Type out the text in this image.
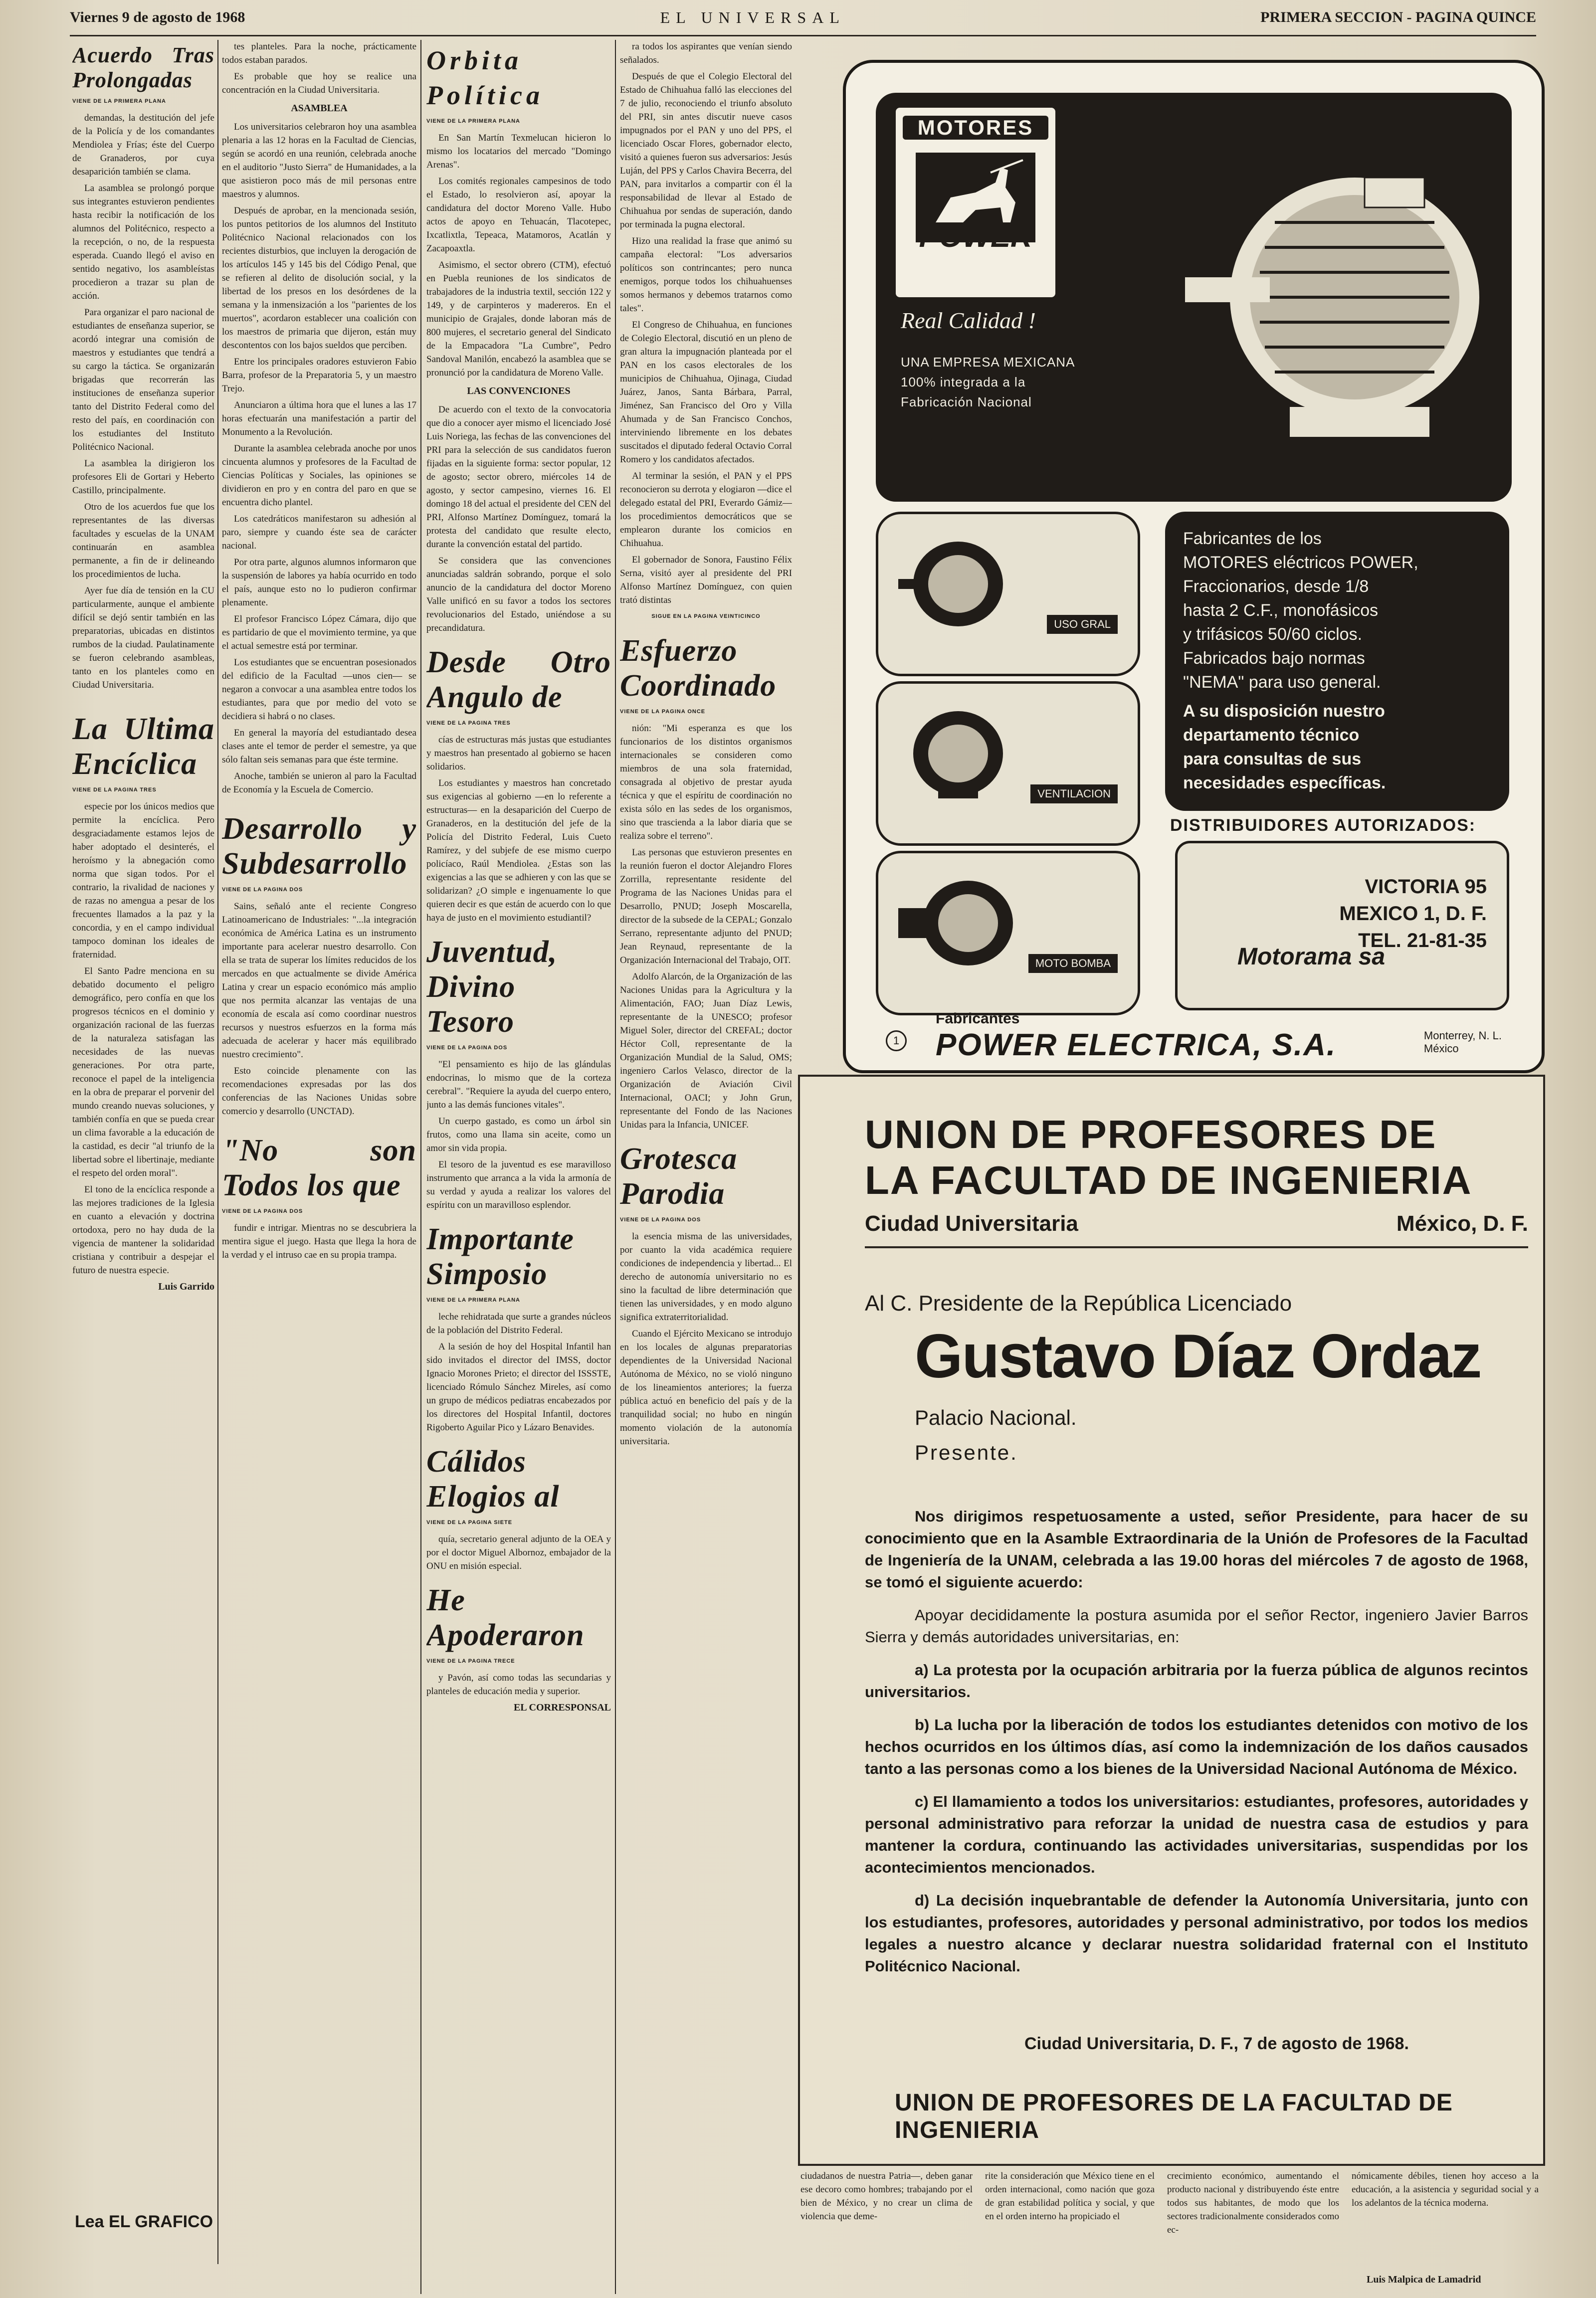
Viernes 9 de agosto de 1968	EL UNIVERSAL	PRIMERA SECCION - PAGINA QUINCE
Acuerdo Tras Prolongadas
VIENE DE LA PRIMERA PLANA

demandas, la destitución del jefe de la Policía y de los comandantes Mendiolea y Frías; éste del Cuerpo de Granaderos, por cuya desaparición también se clama.

La asamblea se prolongó porque sus integrantes estuvieron pendientes hasta recibir la notificación de los alumnos del Politécnico, respecto a la recepción, o no, de la respuesta esperada. Cuando llegó el aviso en sentido negativo, los asambleístas procedieron a trazar su plan de acción.

Para organizar el paro nacional de estudiantes de enseñanza superior, se acordó integrar una comisión de maestros y estudiantes que tendrá a su cargo la táctica. Se organizarán brigadas que recorrerán las instituciones de enseñanza superior tanto del Distrito Federal como del resto del país, en coordinación con los estudiantes del Instituto Politécnico Nacional.

La asamblea la dirigieron los profesores Eli de Gortari y Heberto Castillo, principalmente.

Otro de los acuerdos fue que los representantes de las diversas facultades y escuelas de la UNAM continuarán en asamblea permanente, a fin de ir delineando los procedimientos de lucha.

Ayer fue día de tensión en la CU particularmente, aunque el ambiente difícil se dejó sentir también en las preparatorias, ubicadas en distintos rumbos de la ciudad. Paulatinamente se fueron celebrando asambleas, tanto en los planteles como en Ciudad Universitaria.

La Ultima Encíclica
VIENE DE LA PAGINA TRES

especie por los únicos medios que permite la encíclica. Pero desgraciadamente estamos lejos de haber adoptado el desinterés, el heroísmo y la abnegación como norma que sigan todos. Por el contrario, la rivalidad de naciones y de razas no amengua a pesar de los frecuentes llamados a la paz y la concordia, y en el campo individual tampoco dominan los ideales de fraternidad.

El Santo Padre menciona en su debatido documento el peligro demográfico, pero confía en que los progresos técnicos en el dominio y organización racional de las fuerzas de la naturaleza satisfagan las necesidades de las nuevas generaciones. Por otra parte, reconoce el papel de la inteligencia en la obra de preparar el porvenir del mundo creando nuevas soluciones, y también confía en que se pueda crear un clima favorable a la educación de la castidad, es decir "al triunfo de la libertad sobre el libertinaje, mediante el respeto del orden moral".

El tono de la encíclica responde a las mejores tradiciones de la Iglesia en cuanto a elevación y doctrina ortodoxa, pero no hay duda de la vigencia de mantener la solidaridad cristiana y contribuir a despejar el futuro de nuestra especie.

Luis Garrido
Lea EL GRAFICO

tes planteles. Para la noche, prácticamente todos estaban parados.

Es probable que hoy se realice una concentración en la Ciudad Universitaria.

ASAMBLEA

Los universitarios celebraron hoy una asamblea plenaria a las 12 horas en la Facultad de Ciencias, según se acordó en una reunión, celebrada anoche en el auditorio "Justo Sierra" de Humanidades, a la que asistieron poco más de mil personas entre maestros y alumnos.

Después de aprobar, en la mencionada sesión, los puntos petitorios de los alumnos del Instituto Politécnico Nacional relacionados con los recientes disturbios, que incluyen la derogación de los artículos 145 y 145 bis del Código Penal, que se refieren al delito de disolución social, y la libertad de los presos en los desórdenes de la semana y la inmensización a los "parientes de los muertos", acordaron establecer una coalición con los maestros de primaria que dijeron, están muy descontentos con los bajos sueldos que perciben.

Entre los principales oradores estuvieron Fabio Barra, profesor de la Preparatoria 5, y un maestro Trejo.

Anunciaron a última hora que el lunes a las 17 horas efectuarán una manifestación a partir del Monumento a la Revolución.

Durante la asamblea celebrada anoche por unos cincuenta alumnos y profesores de la Facultad de Ciencias Políticas y Sociales, las opiniones se dividieron en pro y en contra del paro en que se encuentra dicho plantel.

Los catedráticos manifestaron su adhesión al paro, siempre y cuando éste sea de carácter nacional.

Por otra parte, algunos alumnos informaron que la suspensión de labores ya había ocurrido en todo el país, aunque esto no lo pudieron confirmar plenamente.

El profesor Francisco López Cámara, dijo que es partidario de que el movimiento termine, ya que el actual semestre está por terminar.

Los estudiantes que se encuentran posesionados del edificio de la Facultad —unos cien— se negaron a convocar a una asamblea entre todos los estudiantes, para que por medio del voto se decidiera si habrá o no clases.

En general la mayoría del estudiantado desea clases ante el temor de perder el semestre, ya que sólo faltan seis semanas para que éste termine.

Anoche, también se unieron al paro la Facultad de Economía y la Escuela de Comercio.

Desarrollo y Subdesarrollo
VIENE DE LA PAGINA DOS

Sains, señaló ante el reciente Congreso Latinoamericano de Industriales: "...la integración económica de América Latina es un instrumento importante para acelerar nuestro desarrollo. Con ella se trata de superar los límites reducidos de los mercados en que actualmente se divide América Latina y crear un espacio económico más amplio que nos permita alcanzar las ventajas de una economía de escala así como coordinar nuestros recursos y nuestros esfuerzos en la forma más adecuada de acelerar y hacer más equilibrado nuestro crecimiento".

Esto coincide plenamente con las recomendaciones expresadas por las dos conferencias de las Naciones Unidas sobre comercio y desarrollo (UNCTAD).

"No son Todos los que
VIENE DE LA PAGINA DOS

fundir e intrigar. Mientras no se descubriera la mentira sigue el juego. Hasta que llega la hora de la verdad y el intruso cae en su propia trampa.

Orbita Política
VIENE DE LA PRIMERA PLANA

En San Martín Texmelucan hicieron lo mismo los locatarios del mercado "Domingo Arenas".

Los comités regionales campesinos de todo el Estado, lo resolvieron así, apoyar la candidatura del doctor Moreno Valle. Hubo actos de apoyo en Tehuacán, Tlacotepec, Ixcatlixtla, Tepeaca, Matamoros, Acatlán y Zacapoaxtla.

Asimismo, el sector obrero (CTM), efectuó en Puebla reuniones de los sindicatos de trabajadores de la industria textil, sección 122 y 149, y de carpinteros y madereros. En el municipio de Grajales, donde laboran más de 800 mujeres, el secretario general del Sindicato de la Empacadora "La Cumbre", Pedro Sandoval Manilón, encabezó la asamblea que se pronunció por la candidatura de Moreno Valle.

LAS CONVENCIONES

De acuerdo con el texto de la convocatoria que dio a conocer ayer mismo el licenciado José Luis Noriega, las fechas de las convenciones del PRI para la selección de sus candidatos fueron fijadas en la siguiente forma: sector popular, 12 de agosto; sector obrero, miércoles 14 de agosto, y sector campesino, viernes 16. El domingo 18 del actual el presidente del CEN del PRI, Alfonso Martínez Domínguez, tomará la protesta del candidato que resulte electo, durante la convención estatal del partido.

Se considera que las convenciones anunciadas saldrán sobrando, porque el solo anuncio de la candidatura del doctor Moreno Valle unificó en su favor a todos los sectores revolucionarios del Estado, uniéndose a su precandidatura.

Desde Otro Angulo de
VIENE DE LA PAGINA TRES

cías de estructuras más justas que estudiantes y maestros han presentado al gobierno se hacen solidarios.

Los estudiantes y maestros han concretado sus exigencias al gobierno —en lo referente a estructuras— en la desaparición del Cuerpo de Granaderos, en la destitución del jefe de la Policía del Distrito Federal, Luis Cueto Ramírez, y del subjefe de ese mismo cuerpo policíaco, Raúl Mendiolea. ¿Estas son las exigencias a las que se adhieren y con las que se solidarizan? ¿O simple e ingenuamente lo que quieren decir es que están de acuerdo con lo que haya de justo en el movimiento estudiantil?

Juventud, Divino Tesoro
VIENE DE LA PAGINA DOS

"El pensamiento es hijo de las glándulas endocrinas, lo mismo que de la corteza cerebral". "Requiere la ayuda del cuerpo entero, junto a las demás funciones vitales".

Un cuerpo gastado, es como un árbol sin frutos, como una llama sin aceite, como un amor sin vida propia.

El tesoro de la juventud es ese maravilloso instrumento que arranca a la vida la armonía de su verdad y ayuda a realizar los valores del espíritu con un maravilloso esplendor.

Importante Simposio
VIENE DE LA PRIMERA PLANA

leche rehidratada que surte a grandes núcleos de la población del Distrito Federal.

A la sesión de hoy del Hospital Infantil han sido invitados el director del IMSS, doctor Ignacio Morones Prieto; el director del ISSSTE, licenciado Rómulo Sánchez Mireles, así como un grupo de médicos pediatras encabezados por los directores del Hospital Infantil, doctores Rigoberto Aguilar Pico y Lázaro Benavides.

Cálidos Elogios al
VIENE DE LA PAGINA SIETE

quía, secretario general adjunto de la OEA y por el doctor Miguel Albornoz, embajador de la ONU en misión especial.

He Apoderaron
VIENE DE LA PAGINA TRECE

y Pavón, así como todas las secundarias y planteles de educación media y superior.

EL CORRESPONSAL

ra todos los aspirantes que venían siendo señalados.

Después de que el Colegio Electoral del Estado de Chihuahua falló las elecciones del 7 de julio, reconociendo el triunfo absoluto del PRI, sin antes discutir nueve casos impugnados por el PAN y uno del PPS, el licenciado Oscar Flores, gobernador electo, visitó a quienes fueron sus adversarios: Jesús Luján, del PPS y Carlos Chavira Becerra, del PAN, para invitarlos a compartir con él la responsabilidad de llevar al Estado de Chihuahua por sendas de superación, dando por terminada la pugna electoral.

Hizo una realidad la frase que animó su campaña electoral: "Los adversarios políticos son contrincantes; pero nunca enemigos, porque todos los chihuahuenses somos hermanos y debemos tratarnos como tales".

El Congreso de Chihuahua, en funciones de Colegio Electoral, discutió en un pleno de gran altura la impugnación planteada por el PAN en los casos electorales de los municipios de Chihuahua, Ojinaga, Ciudad Juárez, Janos, Santa Bárbara, Parral, Jiménez, San Francisco del Oro y Villa Ahumada y de San Francisco Conchos, interviniendo libremente en los debates suscitados el diputado federal Octavio Corral Romero y los candidatos afectados.

Al terminar la sesión, el PAN y el PPS reconocieron su derrota y elogiaron —dice el delegado estatal del PRI, Everardo Gámiz— los procedimientos democráticos que se emplearon durante los comicios en Chihuahua.

El gobernador de Sonora, Faustino Félix Serna, visitó ayer al presidente del PRI Alfonso Martínez Domínguez, con quien trató distintas

SIGUE EN LA PAGINA VEINTICINCO
Esfuerzo Coordinado
VIENE DE LA PAGINA ONCE

nión: "Mi esperanza es que los funcionarios de los distintos organismos internacionales se consideren como miembros de una sola fraternidad, consagrada al objetivo de prestar ayuda técnica y que el espíritu de coordinación no exista sólo en las sedes de los organismos, sino que trascienda a la labor diaria que se realiza sobre el terreno".

Las personas que estuvieron presentes en la reunión fueron el doctor Alejandro Flores Zorrilla, representante residente del Programa de las Naciones Unidas para el Desarrollo, PNUD; Joseph Moscarella, director de la subsede de la CEPAL; Gonzalo Serrano, representante adjunto del PNUD; Jean Reynaud, representante de la Organización Internacional del Trabajo, OIT.

Adolfo Alarcón, de la Organización de las Naciones Unidas para la Agricultura y la Alimentación, FAO; Juan Díaz Lewis, representante de la UNESCO; profesor Miguel Soler, director del CREFAL; doctor Héctor Coll, representante de la Organización Mundial de la Salud, OMS; ingeniero Carlos Velasco, director de la Organización de Aviación Civil Internacional, OACI; y John Grun, representante del Fondo de las Naciones Unidas para la Infancia, UNICEF.

Grotesca Parodia
VIENE DE LA PAGINA DOS

la esencia misma de las universidades, por cuanto la vida académica requiere condiciones de independencia y libertad... El derecho de autonomía universitario no es sino la facultad de libre determinación que tienen las universidades, y en modo alguno significa extraterritorialidad.

Cuando el Ejército Mexicano se introdujo en los locales de algunas preparatorias dependientes de la Universidad Nacional Autónoma de México, no se violó ninguno de los lineamientos anteriores; la fuerza pública actuó en beneficio del país y de la tranquilidad social; no hubo en ningún momento violación de la autonomía universitaria.

MOTORES
Real Calidad !
UNA EMPRESA MEXICANA
100% integrada a la
Fabricación Nacional
USO GRAL
VENTILACION
MOTO BOMBA
Fabricantes de los
MOTORES eléctricos POWER,
Fraccionarios, desde 1/8
hasta 2 C.F., monofásicos
y trifásicos 50/60 ciclos.
Fabricados bajo normas
"NEMA" para uso general.
A su disposición nuestro
departamento técnico
para consultas de sus
necesidades específicas.
DISTRIBUIDORES AUTORIZADOS:
Motorama sa
VICTORIA 95
MEXICO 1, D. F.
TEL. 21-81-35
1
Fabricantes
POWER ELECTRICA, S.A.	Monterrey, N. L.
México
UNION DE PROFESORES DE
LA FACULTAD DE INGENIERIA
Ciudad Universitaria	México, D. F.
Al C. Presidente de la República Licenciado
Gustavo Díaz Ordaz
Palacio Nacional.
Presente.

Nos dirigimos respetuosamente a usted, señor Presidente, para hacer de su conocimiento que en la Asamble Extraordinaria de la Unión de Profesores de la Facultad de Ingeniería de la UNAM, celebrada a las 19.00 horas del miércoles 7 de agosto de 1968, se tomó el siguiente acuerdo:

Apoyar decididamente la postura asumida por el señor Rector, ingeniero Javier Barros Sierra y demás autoridades universitarias, en:

a) La protesta por la ocupación arbitraria por la fuerza pública de algunos recintos universitarios.

b) La lucha por la liberación de todos los estudiantes detenidos con motivo de los hechos ocurridos en los últimos días, así como la indemnización de los daños causados tanto a las personas como a los bienes de la Universidad Nacional Autónoma de México.

c) El llamamiento a todos los universitarios: estudiantes, profesores, autoridades y personal administrativo para reforzar la unidad de nuestra casa de estudios y para mantener la cordura, continuando las actividades universitarias, suspendidas por los acontecimientos mencionados.

d) La decisión inquebrantable de defender la Autonomía Universitaria, junto con los estudiantes, profesores, autoridades y personal administrativo, por todos los medios legales a nuestro alcance y declarar nuestra solidaridad fraternal con el Instituto Politécnico Nacional.

Ciudad Universitaria, D. F., 7 de agosto de 1968.
UNION DE PROFESORES DE LA FACULTAD DE INGENIERIA
ciudadanos de nuestra Patria—, deben ganar ese decoro como hombres; trabajando por el bien de México, y no crear un clima de violencia que deme-
rite la consideración que México tiene en el orden internacional, como nación que goza de gran estabilidad política y social, y que en el orden interno ha propiciado el
crecimiento económico, aumentando el producto nacional y distribuyendo éste entre todos sus habitantes, de modo que los sectores tradicionalmente considerados como ec-
nómicamente débiles, tienen hoy acceso a la educación, a la asistencia y seguridad social y a los adelantos de la técnica moderna.
Luis Malpica de Lamadrid
